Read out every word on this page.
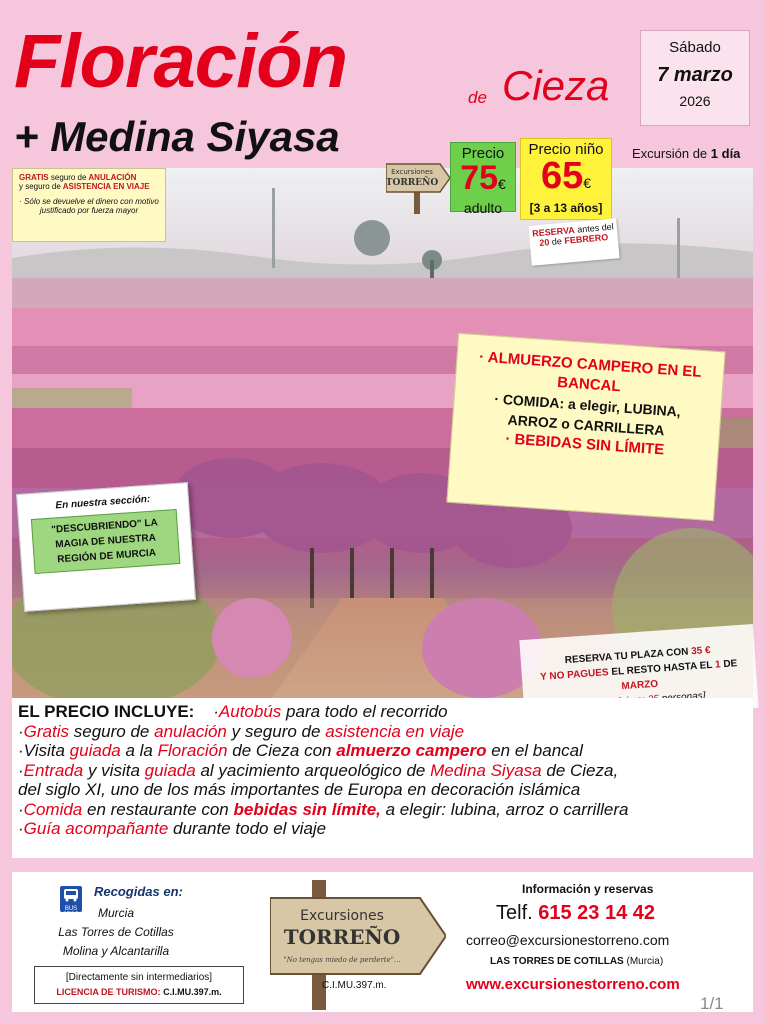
Floración	de Cieza
+ Medina Siyasa
Sábado
7 marzo
2026
Excursión de 1 día
GRATIS seguro de ANULACIÓN
y seguro de ASISTENCIA EN VIAJE
· Sólo se devuelve el dinero con motivo justificado por fuerza mayor
Excursiones
TORREÑO
Precio
75€
adulto
Precio niño
65€
[3 a 13 años]
RESERVA antes del
20 de FEBRERO
· ALMUERZO CAMPERO EN EL BANCAL
· COMIDA: a elegir, LUBINA, ARROZ o CARRILLERA
· BEBIDAS SIN LÍMITE
En nuestra sección:
"DESCUBRIENDO" LA MAGIA DE NUESTRA REGIÓN DE MURCIA
RESERVA TU PLAZA CON 35 €
Y NO PAGUES EL RESTO HASTA EL 1 DE MARZO
EL PRECIO INCLUYE: ·Autobús para todo el recorrido
·Gratis seguro de anulación y seguro de asistencia en viaje
·Visita guiada a la Floración de Cieza con almuerzo campero en el bancal
·Entrada y visita guiada al yacimiento arqueológico de Medina Siyasa de Cieza,
del siglo XI, uno de los más importantes de Europa en decoración islámica
·Comida en restaurante con bebidas sin límite, a elegir: lubina, arroz o carrillera
·Guía acompañante durante todo el viaje
BUS STOP
Recogidas en:
Murcia
Las Torres de Cotillas
Molina y Alcantarilla
[Directamente sin intermediarios]
LICENCIA DE TURISMO: C.I.MU.397.m.
Excursiones
TORREÑO
"No tengas miedo de perderte"...
C.I.MU.397.m.
Información y reservas
Telf. 615 23 14 42
correo@excursionestorreno.com
LAS TORRES DE COTILLAS (Murcia)
www.excursionestorreno.com
1/1
